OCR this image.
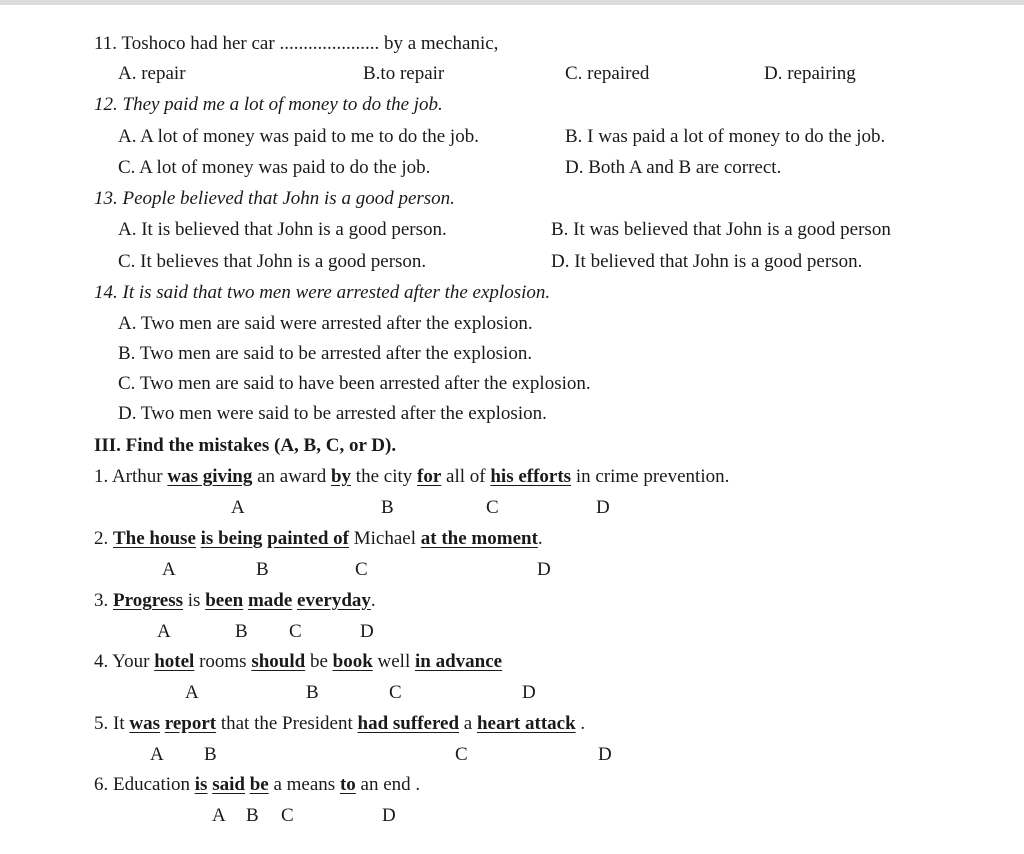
11. Toshoco had her car ..................... by a mechanic,
A. repair	B.to repair	C. repaired	D. repairing
12. They paid me a lot of money to do the job.
A. A lot of money was paid to me to do the job.	B. I was paid a lot of money to do the job.
C. A lot of money was paid to do the job.	D. Both A and B are correct.
13. People believed that John is a good person.
A. It is believed that John is a good person.	B. It was believed that John is a good person
C. It believes that John is a good person.	D. It believed that John is a good person.
14. It is said that two men were arrested after the explosion.
A. Two men are said were arrested after the explosion.
B. Two men are said to be arrested after the explosion.
C. Two men are said to have been arrested after the explosion.
D. Two men were said to be arrested after the explosion.
III. Find the mistakes (A, B, C, or D).
1. Arthur was giving an award by the city for all of his efforts in crime prevention.
A	B	C	D
2. The house is being painted of Michael at the moment.
A	B	C	D
3. Progress is been made everyday.
A	B C	D
4. Your hotel rooms should be book well in advance
A	B	C	D
5. It was report that the President had suffered a heart attack .
A B	C	D
6. Education is said be a means to an end .
A B C	D
